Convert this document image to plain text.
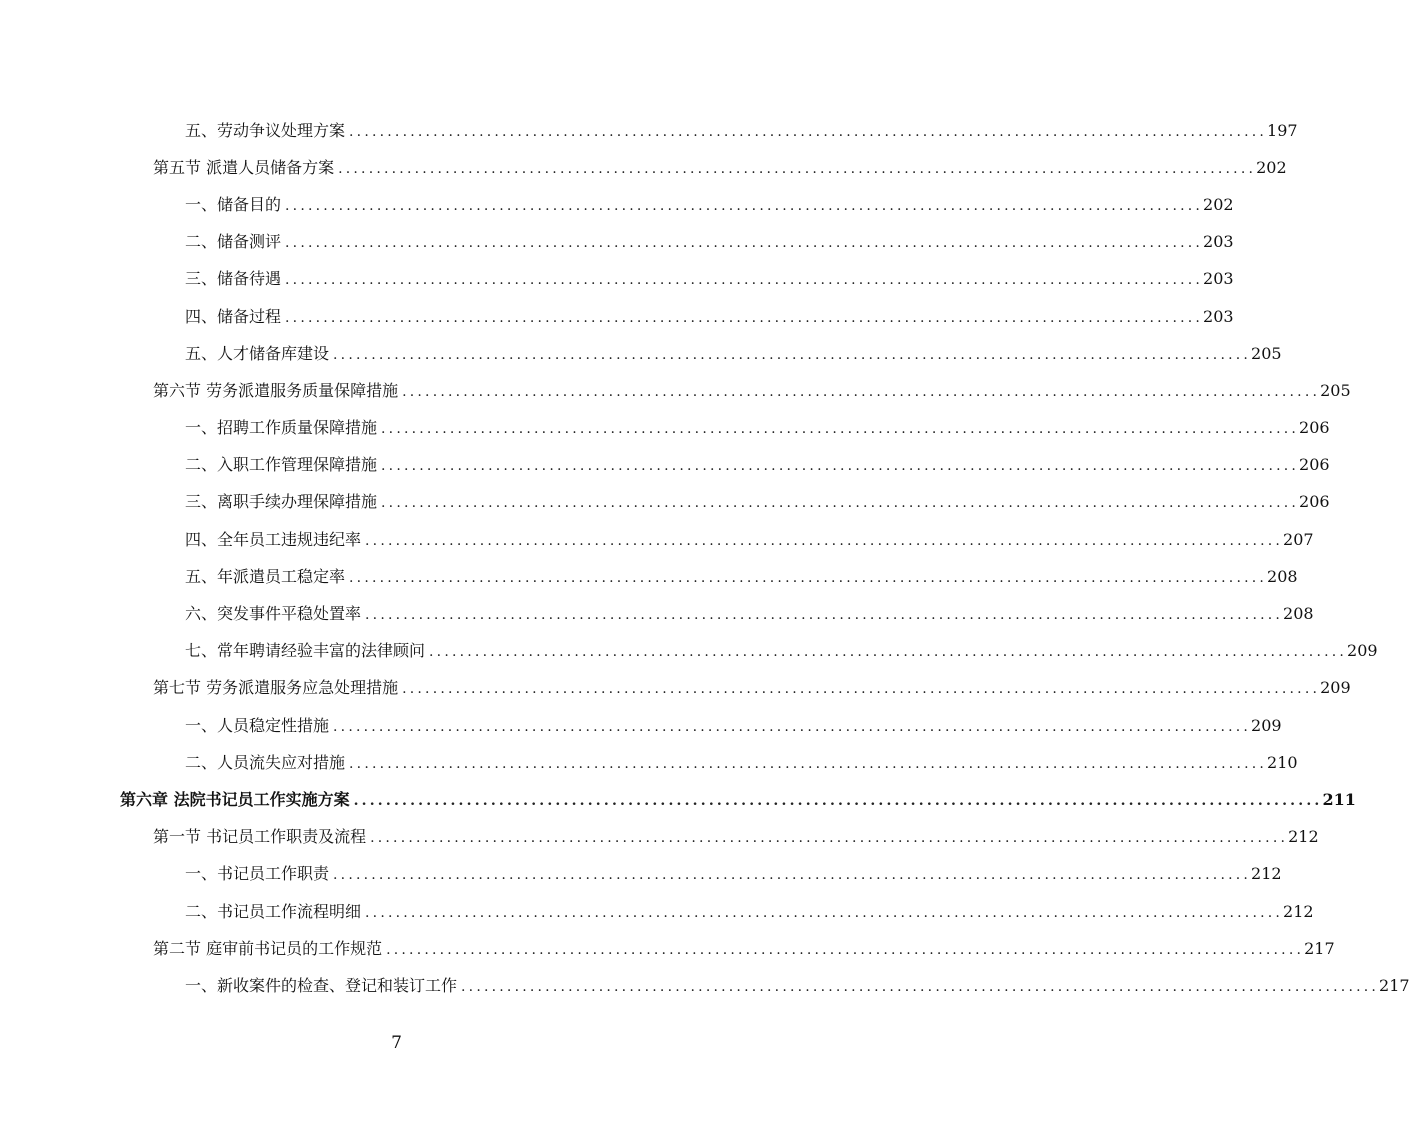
五、劳动争议处理方案 ........................................................................................................................ 197
第五节 派遣人员储备方案 ........................................................................................................................ 202
一、储备目的 ........................................................................................................................ 202
二、储备测评 ........................................................................................................................ 203
三、储备待遇 ........................................................................................................................ 203
四、储备过程 ........................................................................................................................ 203
五、人才储备库建设 ........................................................................................................................ 205
第六节 劳务派遣服务质量保障措施 ........................................................................................................................ 205
一、招聘工作质量保障措施 ........................................................................................................................ 206
二、入职工作管理保障措施 ........................................................................................................................ 206
三、离职手续办理保障措施 ........................................................................................................................ 206
四、全年员工违规违纪率 ........................................................................................................................ 207
五、年派遣员工稳定率 ........................................................................................................................ 208
六、突发事件平稳处置率 ........................................................................................................................ 208
七、常年聘请经验丰富的法律顾问 ........................................................................................................................ 209
第七节 劳务派遣服务应急处理措施 ........................................................................................................................ 209
一、人员稳定性措施 ........................................................................................................................ 209
二、人员流失应对措施 ........................................................................................................................ 210
第六章 法院书记员工作实施方案 ........................................................................................................................ 211
第一节 书记员工作职责及流程 ........................................................................................................................ 212
一、书记员工作职责 ........................................................................................................................ 212
二、书记员工作流程明细 ........................................................................................................................ 212
第二节 庭审前书记员的工作规范 ........................................................................................................................ 217
一、新收案件的检查、登记和装订工作 ........................................................................................................................ 217
7
